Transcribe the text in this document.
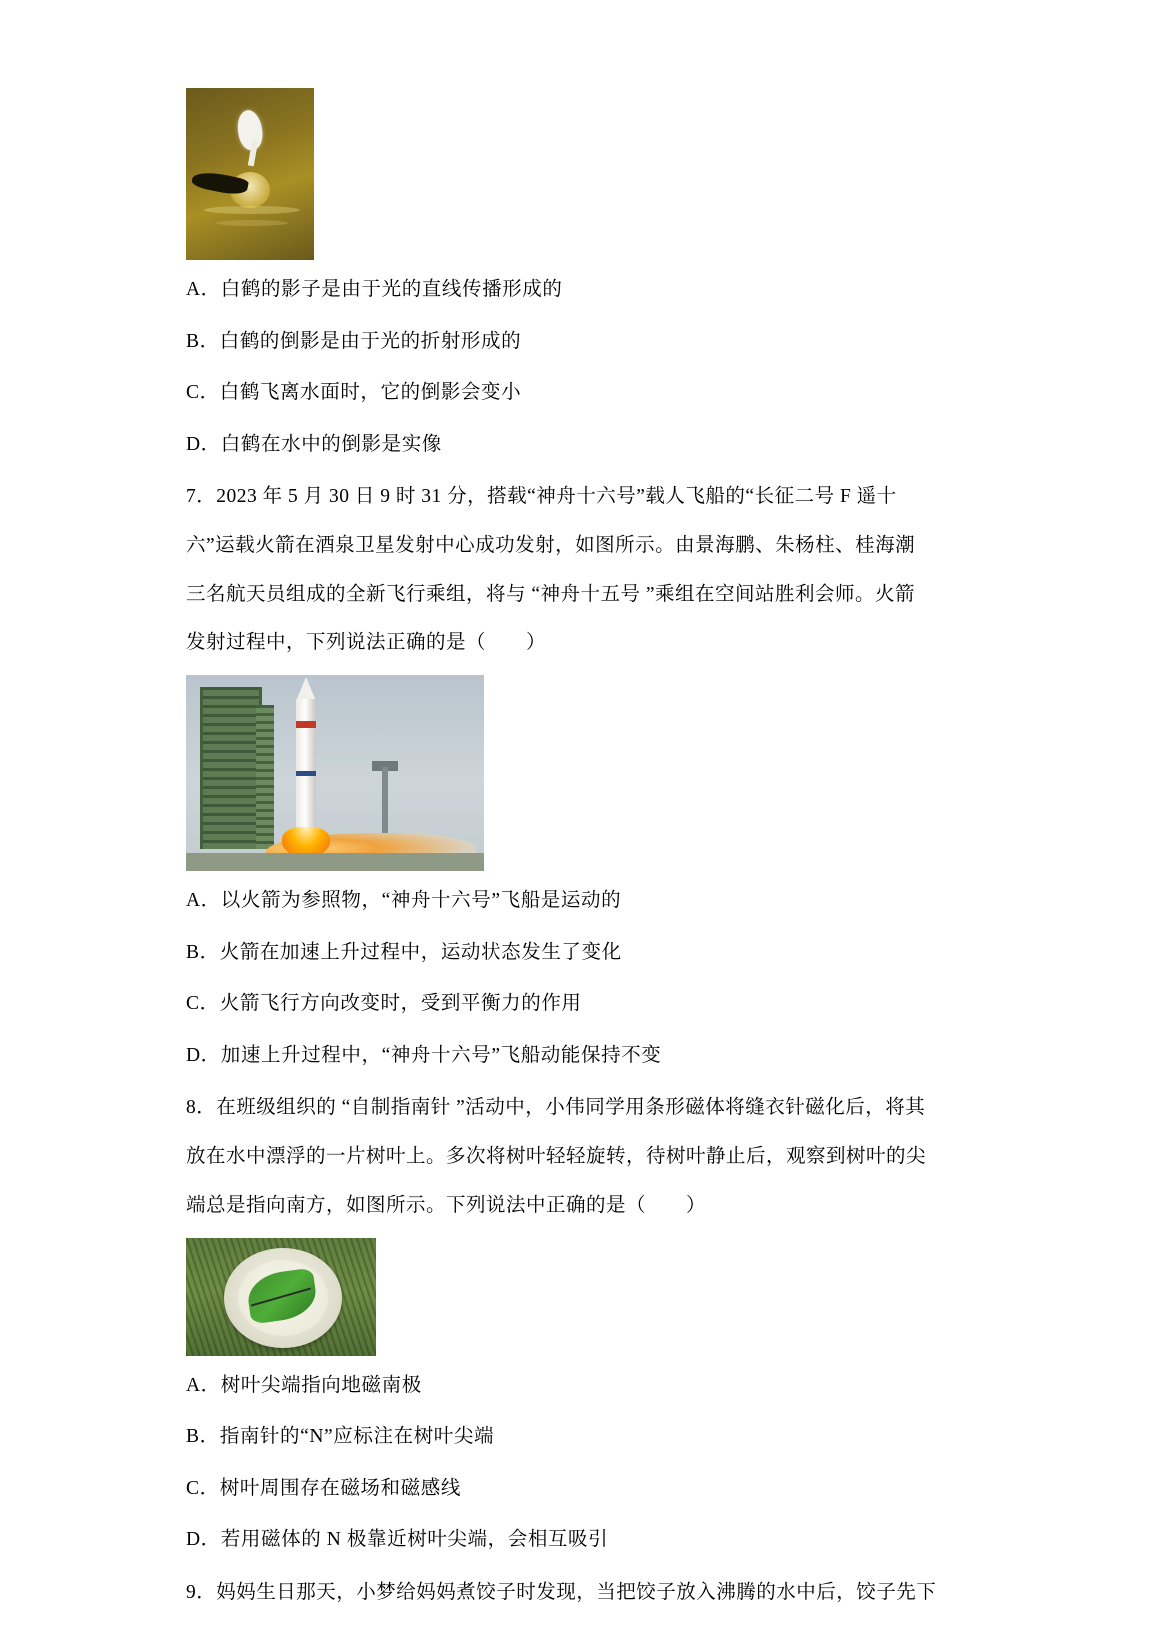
A．白鹤的影子是由于光的直线传播形成的

B．白鹤的倒影是由于光的折射形成的

C．白鹤飞离水面时，它的倒影会变小

D．白鹤在水中的倒影是实像

7．2023 年 5 月 30 日 9 时 31 分，搭载“神舟十六号”载人飞船的“长征二号 F 遥十

六”运载火箭在酒泉卫星发射中心成功发射，如图所示。由景海鹏、朱杨柱、桂海潮

三名航天员组成的全新飞行乘组，将与 “神舟十五号 ”乘组在空间站胜利会师。火箭

发射过程中，下列说法正确的是（　　）

A．以火箭为参照物，“神舟十六号”飞船是运动的

B．火箭在加速上升过程中，运动状态发生了变化

C．火箭飞行方向改变时，受到平衡力的作用

D．加速上升过程中，“神舟十六号”飞船动能保持不变

8．在班级组织的 “自制指南针 ”活动中，小伟同学用条形磁体将缝衣针磁化后，将其

放在水中漂浮的一片树叶上。多次将树叶轻轻旋转，待树叶静止后，观察到树叶的尖

端总是指向南方，如图所示。下列说法中正确的是（　　）

A．树叶尖端指向地磁南极

B．指南针的“N”应标注在树叶尖端

C．树叶周围存在磁场和磁感线

D．若用磁体的 N 极靠近树叶尖端，会相互吸引

9．妈妈生日那天，小梦给妈妈煮饺子时发现，当把饺子放入沸腾的水中后，饺子先下
